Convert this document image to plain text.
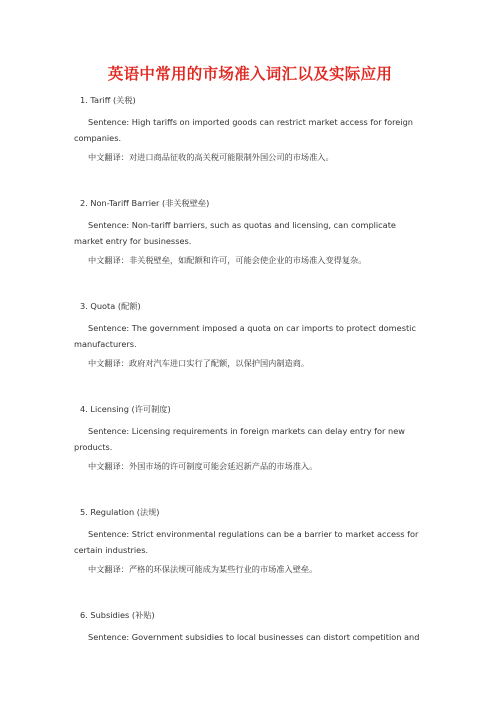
英语中常用的市场准入词汇以及实际应用
1. Tariff (关税)

Sentence: High tariffs on imported goods can restrict market access for foreign companies.

中文翻译：对进口商品征收的高关税可能限制外国公司的市场准入。
2. Non-Tariff Barrier (非关税壁垒)

Sentence: Non-tariff barriers, such as quotas and licensing, can complicate market entry for businesses.

中文翻译：非关税壁垒，如配额和许可，可能会使企业的市场准入变得复杂。
3. Quota (配额)

Sentence: The government imposed a quota on car imports to protect domestic manufacturers.

中文翻译：政府对汽车进口实行了配额，以保护国内制造商。
4. Licensing (许可制度)

Sentence: Licensing requirements in foreign markets can delay entry for new products.

中文翻译：外国市场的许可制度可能会延迟新产品的市场准入。
5. Regulation (法规)

Sentence: Strict environmental regulations can be a barrier to market access for certain industries.

中文翻译：严格的环保法规可能成为某些行业的市场准入壁垒。
6. Subsidies (补贴)

Sentence: Government subsidies to local businesses can distort competition and
